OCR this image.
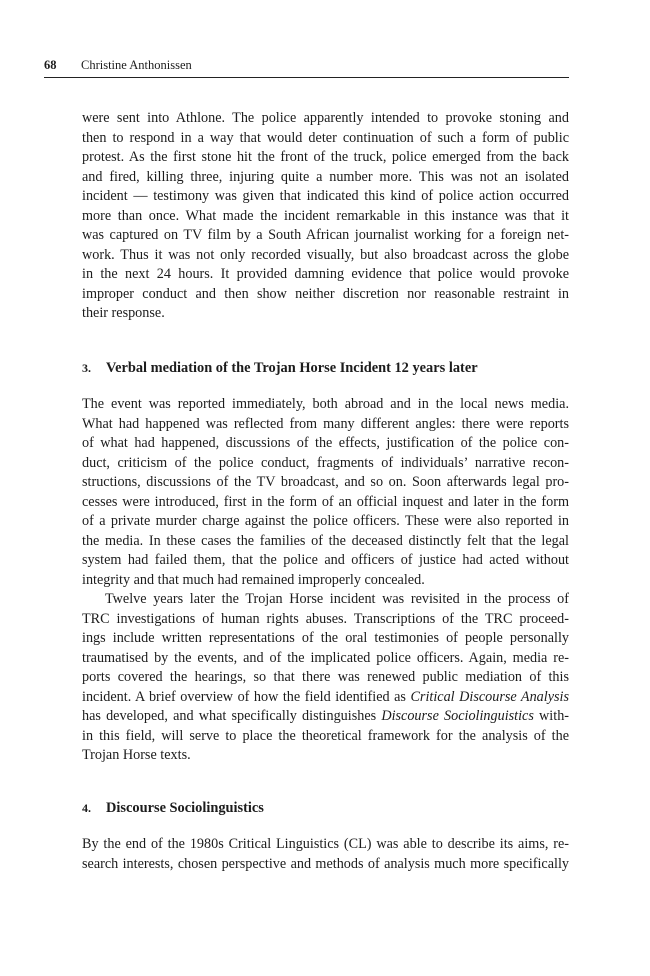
68 Christine Anthonissen
were sent into Athlone. The police apparently intended to provoke stoning and
then to respond in a way that would deter continuation of such a form of public
protest. As the first stone hit the front of the truck, police emerged from the back
and fired, killing three, injuring quite a number more. This was not an isolated
incident — testimony was given that indicated this kind of police action occurred
more than once. What made the incident remarkable in this instance was that it
was captured on TV film by a South African journalist working for a foreign net-
work. Thus it was not only recorded visually, but also broadcast across the globe
in the next 24 hours. It provided damning evidence that police would provoke
improper conduct and then show neither discretion nor reasonable restraint in
their response.
3. Verbal mediation of the Trojan Horse Incident 12 years later
The event was reported immediately, both abroad and in the local news media.
What had happened was reflected from many different angles: there were reports
of what had happened, discussions of the effects, justification of the police con-
duct, criticism of the police conduct, fragments of individuals’ narrative recon-
structions, discussions of the TV broadcast, and so on. Soon afterwards legal pro-
cesses were introduced, first in the form of an official inquest and later in the form
of a private murder charge against the police officers. These were also reported in
the media. In these cases the families of the deceased distinctly felt that the legal
system had failed them, that the police and officers of justice had acted without
integrity and that much had remained improperly concealed.
Twelve years later the Trojan Horse incident was revisited in the process of
TRC investigations of human rights abuses. Transcriptions of the TRC proceed-
ings include written representations of the oral testimonies of people personally
traumatised by the events, and of the implicated police officers. Again, media re-
ports covered the hearings, so that there was renewed public mediation of this
incident. A brief overview of how the field identified as Critical Discourse Analysis
has developed, and what specifically distinguishes Discourse Sociolinguistics with-
in this field, will serve to place the theoretical framework for the analysis of the
Trojan Horse texts.
4. Discourse Sociolinguistics
By the end of the 1980s Critical Linguistics (CL) was able to describe its aims, re-
search interests, chosen perspective and methods of analysis much more specifically
